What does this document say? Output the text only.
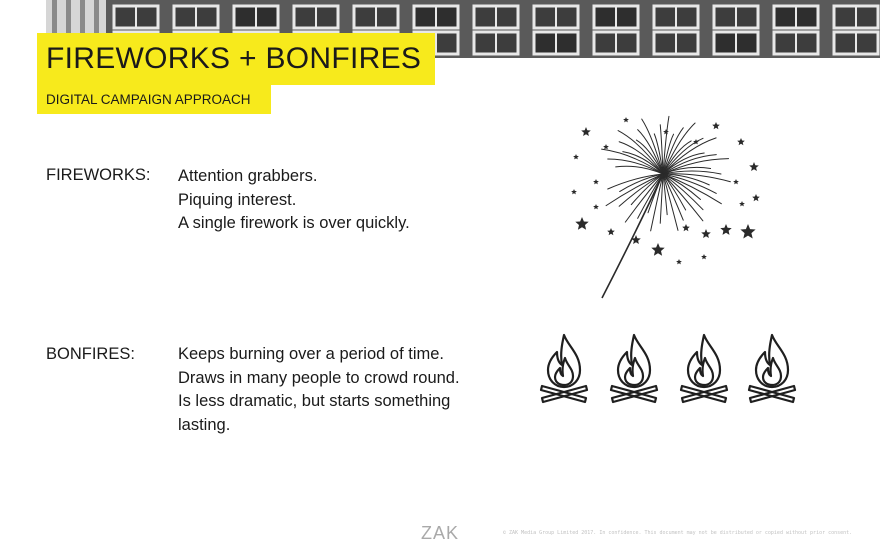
FIREWORKS + BONFIRES
DIGITAL CAMPAIGN APPROACH
FIREWORKS: Attention grabbers.
Piquing interest.
A single firework is over quickly.
BONFIRES:	Keeps burning over a period of time.
Draws in many people to crowd round.
Is less dramatic, but starts something
lasting.
ZAK	© ZAK Media Group Limited 2017. In confidence. This document may not be distributed or copied without prior consent.
